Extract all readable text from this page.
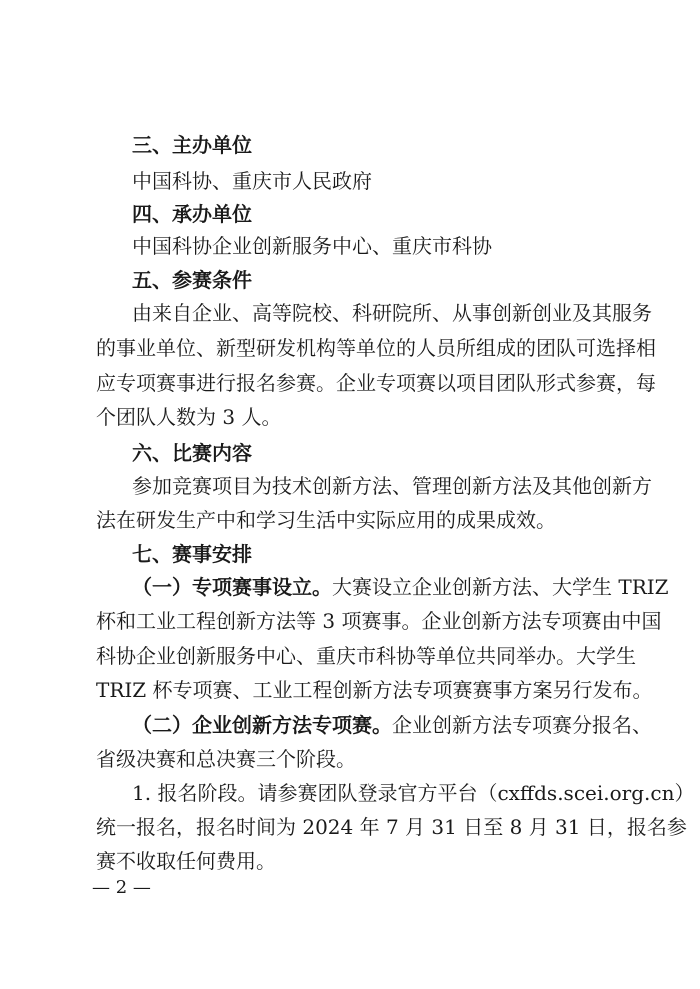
三、主办单位
中国科协、重庆市人民政府
四、承办单位
中国科协企业创新服务中心、重庆市科协
五、参赛条件
由来自企业、高等院校、科研院所、从事创新创业及其服务
的事业单位、新型研发机构等单位的人员所组成的团队可选择相
应专项赛事进行报名参赛。企业专项赛以项目团队形式参赛，每
个团队人数为 3 人。
六、比赛内容
参加竞赛项目为技术创新方法、管理创新方法及其他创新方
法在研发生产中和学习生活中实际应用的成果成效。
七、赛事安排
（一）专项赛事设立。大赛设立企业创新方法、大学生 TRIZ
杯和工业工程创新方法等 3 项赛事。企业创新方法专项赛由中国
科协企业创新服务中心、重庆市科协等单位共同举办。大学生
TRIZ 杯专项赛、工业工程创新方法专项赛赛事方案另行发布。
（二）企业创新方法专项赛。企业创新方法专项赛分报名、
省级决赛和总决赛三个阶段。
1. 报名阶段。请参赛团队登录官方平台（cxffds.scei.org.cn）
统一报名，报名时间为 2024 年 7 月 31 日至 8 月 31 日，报名参
赛不收取任何费用。
— 2 —
